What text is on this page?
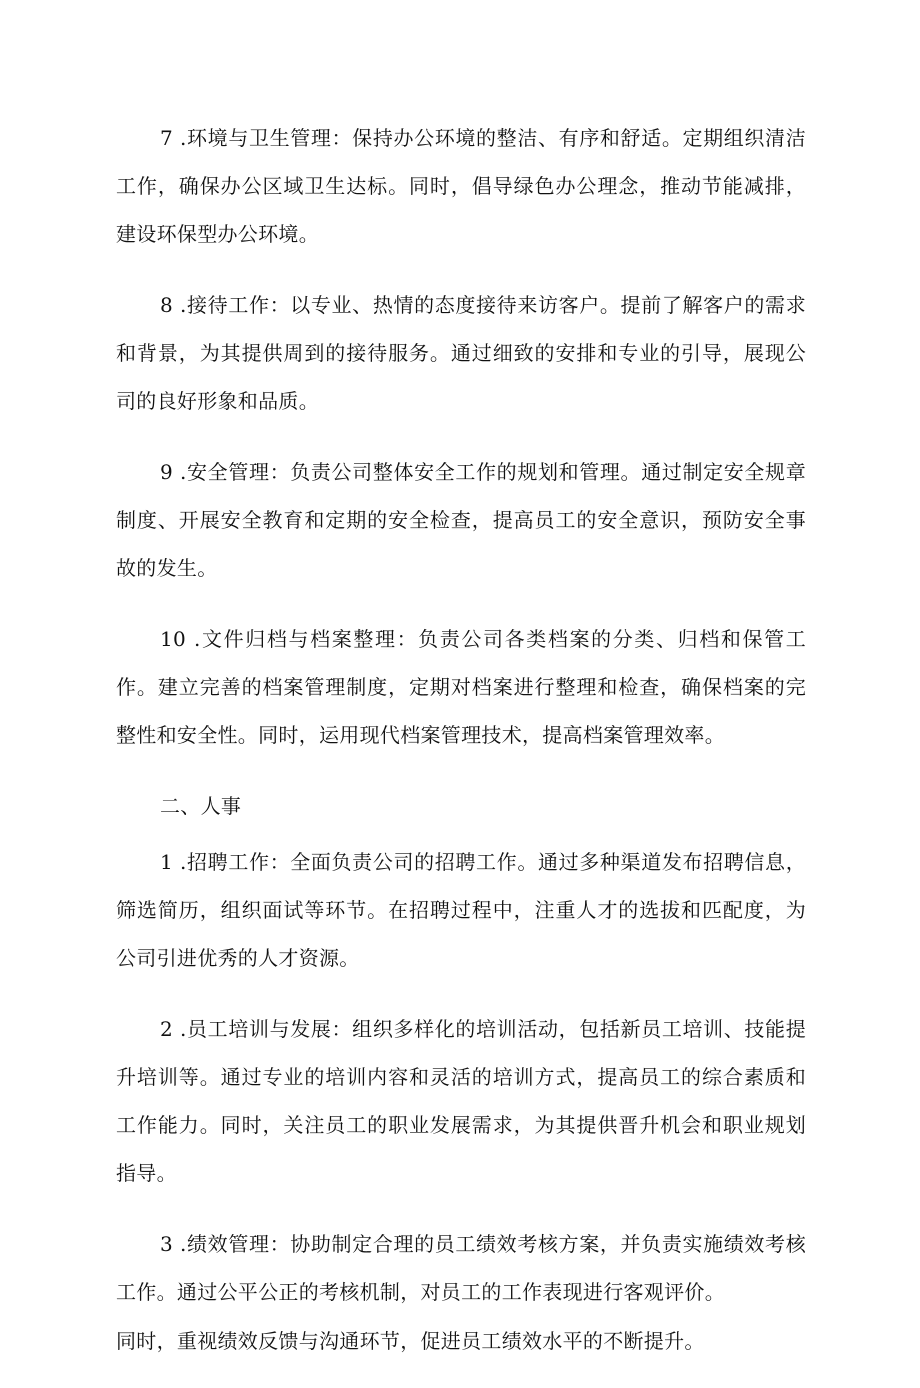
7 .环境与卫生管理：保持办公环境的整洁、有序和舒适。定期组织清洁工作，确保办公区域卫生达标。同时，倡导绿色办公理念，推动节能减排，建设环保型办公环境。

8 .接待工作：以专业、热情的态度接待来访客户。提前了解客户的需求和背景，为其提供周到的接待服务。通过细致的安排和专业的引导，展现公司的良好形象和品质。

9 .安全管理：负责公司整体安全工作的规划和管理。通过制定安全规章制度、开展安全教育和定期的安全检查，提高员工的安全意识，预防安全事故的发生。

10 .文件归档与档案整理：负责公司各类档案的分类、归档和保管工作。建立完善的档案管理制度，定期对档案进行整理和检查，确保档案的完整性和安全性。同时，运用现代档案管理技术，提高档案管理效率。

二、人事

1 .招聘工作：全面负责公司的招聘工作。通过多种渠道发布招聘信息，筛选简历，组织面试等环节。在招聘过程中，注重人才的选拔和匹配度，为公司引进优秀的人才资源。

2 .员工培训与发展：组织多样化的培训活动，包括新员工培训、技能提升培训等。通过专业的培训内容和灵活的培训方式，提高员工的综合素质和工作能力。同时，关注员工的职业发展需求，为其提供晋升机会和职业规划指导。

3 .绩效管理：协助制定合理的员工绩效考核方案，并负责实施绩效考核工作。通过公平公正的考核机制，对员工的工作表现进行客观评价。

同时，重视绩效反馈与沟通环节，促进员工绩效水平的不断提升。
